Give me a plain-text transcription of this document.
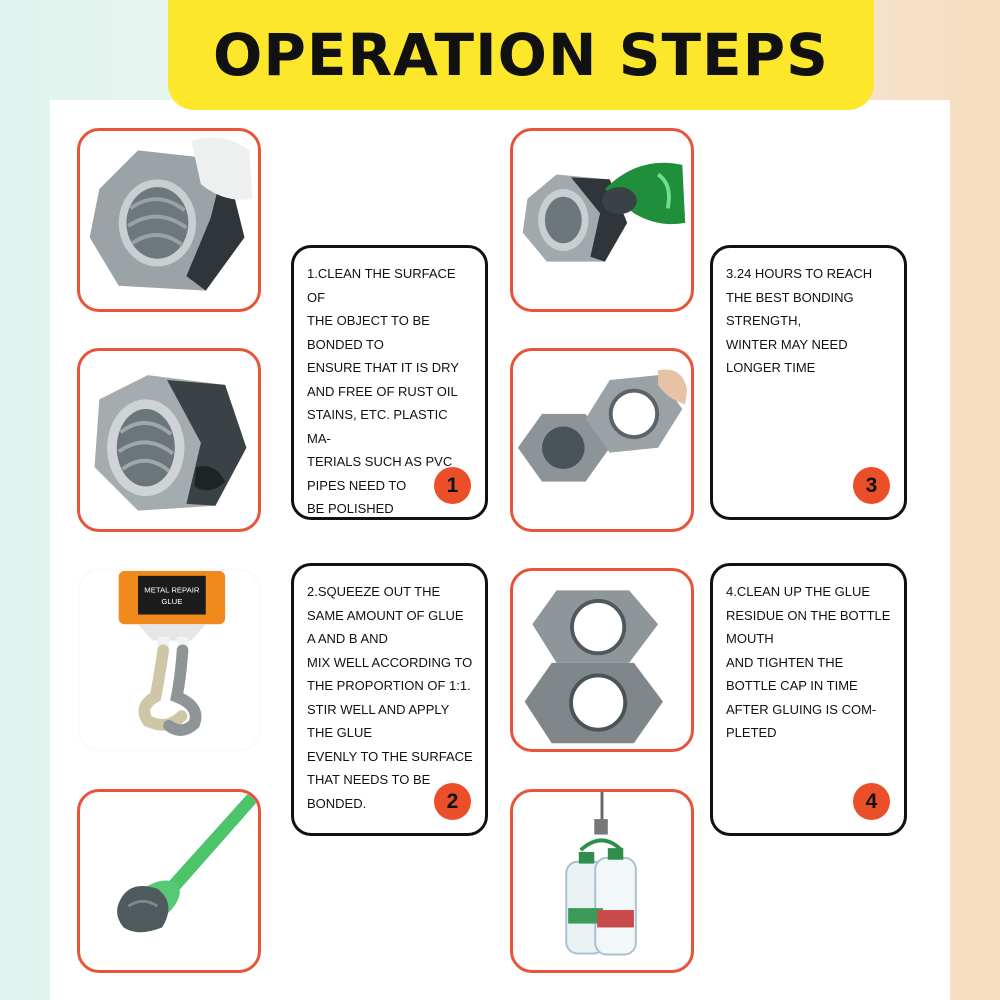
OPERATION STEPS
METAL REPAIR
GLUE

1.CLEAN THE SURFACE OF
THE OBJECT TO BE
BONDED TO
ENSURE THAT IT IS DRY
AND FREE OF RUST OIL
STAINS, ETC. PLASTIC MA-
TERIALS SUCH AS PVC
PIPES NEED TO
BE POLISHED

1

2.SQUEEZE OUT THE
SAME AMOUNT OF GLUE
A AND B AND
MIX WELL ACCORDING TO
THE PROPORTION OF 1:1.
STIR WELL AND APPLY
THE GLUE
EVENLY TO THE SURFACE
THAT NEEDS TO BE
BONDED.	2

3.24 HOURS TO REACH
THE BEST BONDING
STRENGTH,
WINTER MAY NEED
LONGER TIME

3

4.CLEAN UP THE GLUE
RESIDUE ON THE BOTTLE
MOUTH
AND TIGHTEN THE
BOTTLE CAP IN TIME
AFTER GLUING IS COM-
PLETED

4
